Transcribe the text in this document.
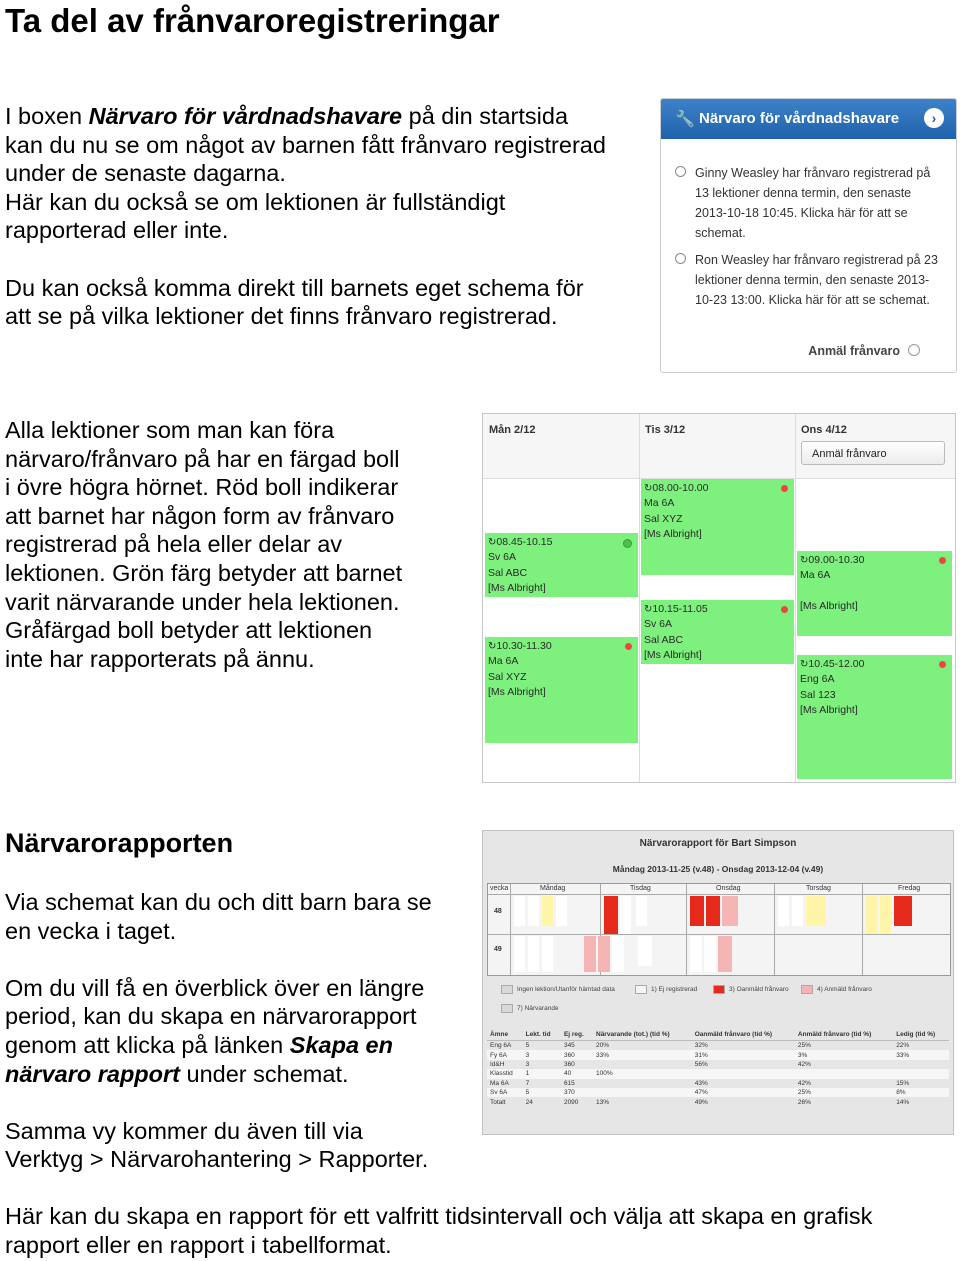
Ta del av frånvaroregistreringar

I boxen Närvaro för vårdnadshavare på din startsida

kan du nu se om något av barnen fått frånvaro registrerad

under de senaste dagarna.

Här kan du också se om lektionen är fullständigt

rapporterad eller inte.

Du kan också komma direkt till barnets eget schema för

att se på vilka lektioner det finns frånvaro registrerad.

🔧 Närvaro för vårdnadshavare	›
Ginny Weasley har frånvaro registrerad på 13 lektioner denna termin, den senaste 2013-10-18 10:45. Klicka här för att se schemat.
Ron Weasley har frånvaro registrerad på 23 lektioner denna termin, den senaste 2013-10-23 13:00. Klicka här för att se schemat.
Anmäl frånvaro

Alla lektioner som man kan föra

närvaro/frånvaro på har en färgad boll

i övre högra hörnet. Röd boll indikerar

att barnet har någon form av frånvaro

registrerad på hela eller delar av

lektionen. Grön färg betyder att barnet

varit närvarande under hela lektionen.

Gråfärgad boll betyder att lektionen

inte har rapporterats på ännu.

Mån 2/12	Tis 3/12	Ons 4/12
Anmäl frånvaro
↻08.45-10.15
Sv 6A
Sal ABC
[Ms Albright]
↻10.30-11.30
Ma 6A
Sal XYZ
[Ms Albright]
↻08.00-10.00
Ma 6A
Sal XYZ
[Ms Albright]
↻10.15-11.05
Sv 6A
Sal ABC
[Ms Albright]
↻09.00-10.30
Ma 6A
[Ms Albright]
↻10.45-12.00
Eng 6A
Sal 123
[Ms Albright]
Närvarorapporten

Via schemat kan du och ditt barn bara se

en vecka i taget.

Om du vill få en överblick över en längre

period, kan du skapa en närvarorapport

genom att klicka på länken Skapa en

närvaro rapport under schemat.

Samma vy kommer du även till via

Verktyg > Närvarohantering > Rapporter.

Närvarorapport för Bart Simpson
Måndag 2013-11-25 (v.48) - Onsdag 2013-12-04 (v.49)
vecka	Måndag	Tisdag	Onsdag	Torsdag	Fredag
48
49
Ingen lektion/Utanför hämtad data	1) Ej registrerad	3) Oanmäld frånvaro	4) Anmäld frånvaro
7) Närvarande
Ämne	Lekt. tid	Ej reg.	Närvarande (tot.) (tid %)	Oanmäld frånvaro (tid %)	Anmäld frånvaro (tid %)	Ledig (tid %)
Eng 6A	5	345	20%	32%	25%	22%
Fy 6A	3	360	33%	31%	3%	33%
Id&H	3	360		56%	42%	
Klasstid	1	40	100%			
Ma 6A	7	615		43%	42%	15%
Sv 6A	5	370		47%	25%	8%
Totalt	24	2090	13%	49%	26%	14%

Här kan du skapa en rapport för ett valfritt tidsintervall och välja att skapa en grafisk

rapport eller en rapport i tabellformat.
